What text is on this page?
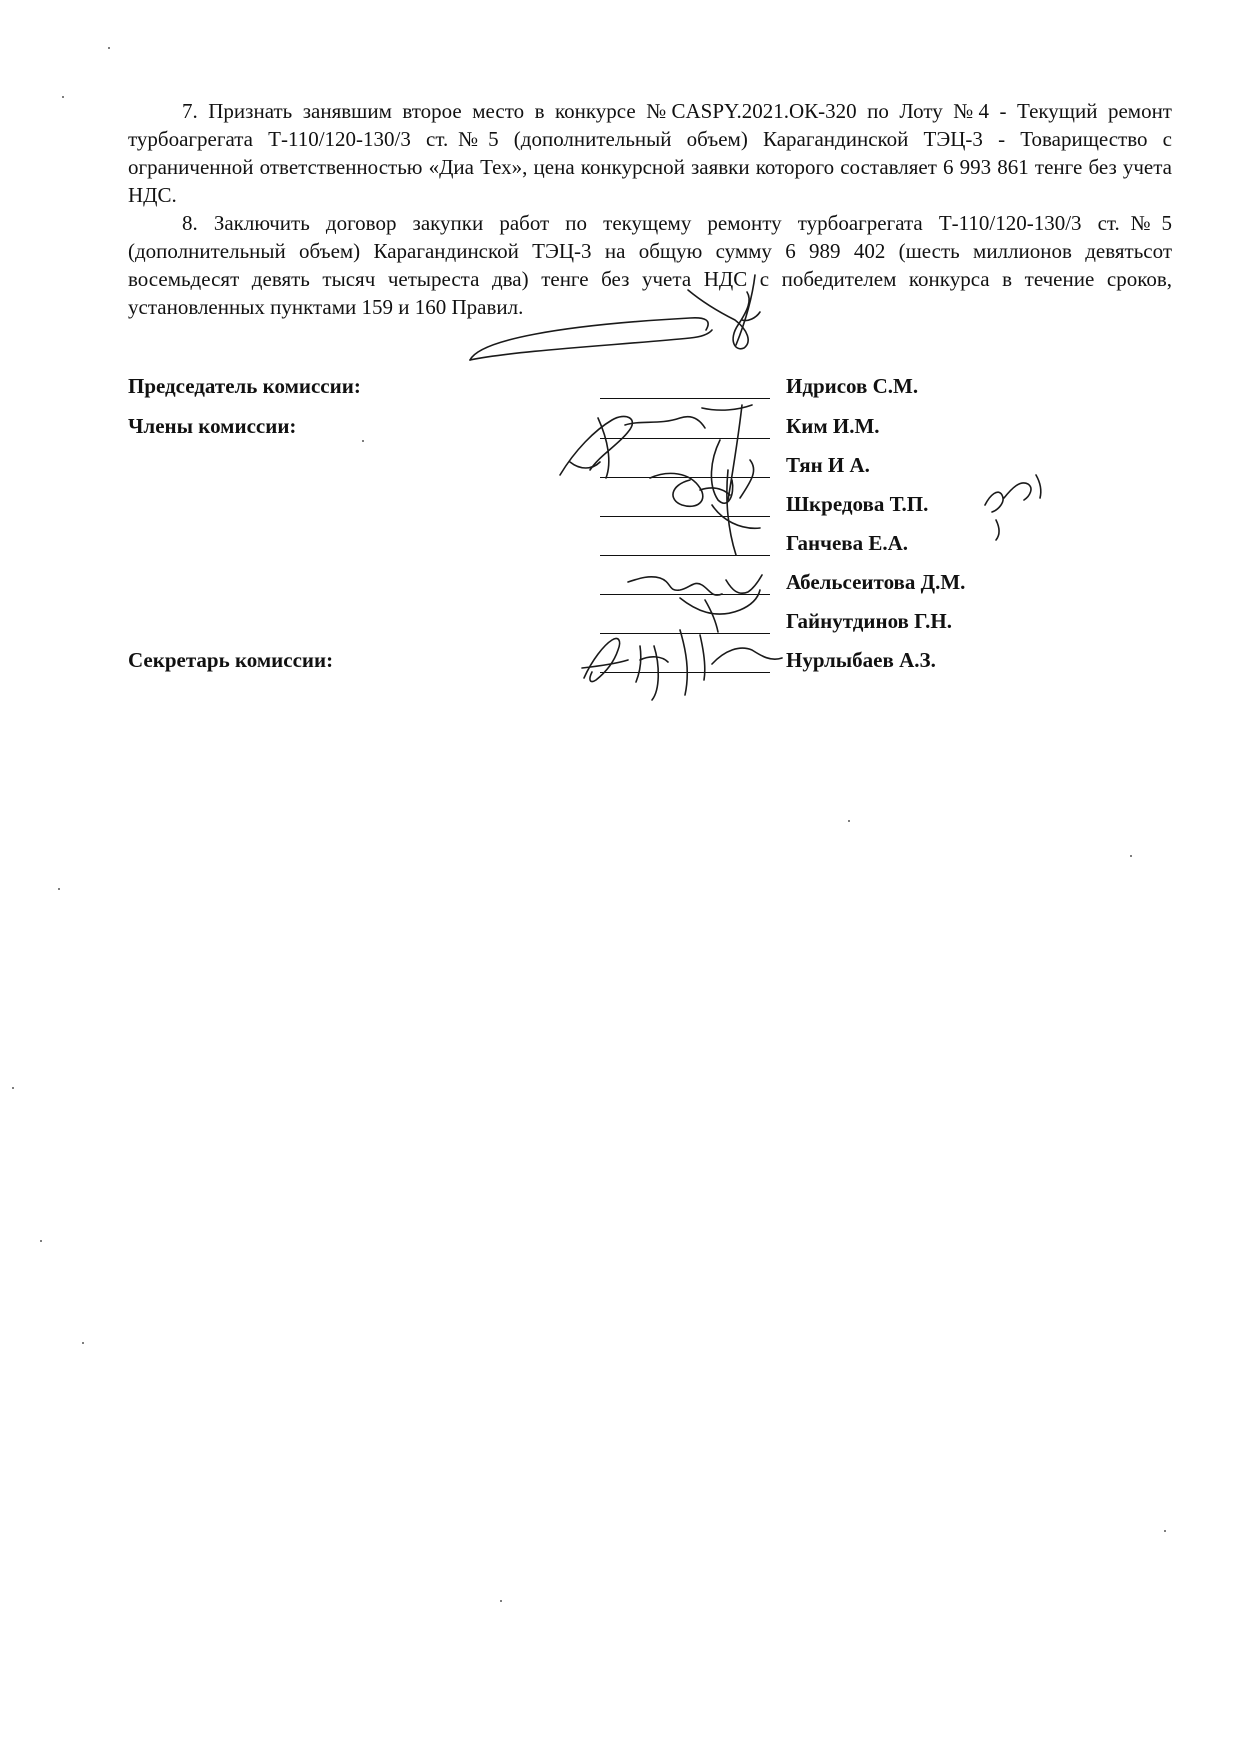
7. Признать занявшим второе место в конкурсе №CASPY.2021.ОК-320 по Лоту №4 - Текущий ремонт турбоагрегата Т-110/120-130/3 ст.№5 (дополнительный объем) Карагандинской ТЭЦ-3 - Товарищество с ограниченной ответственностью «Диа Тех», цена конкурсной заявки которого составляет 6 993 861 тенге без учета НДС.

8. Заключить договор закупки работ по текущему ремонту турбоагрегата Т-110/120-130/3 ст.№5 (дополнительный объем) Карагандинской ТЭЦ-3 на общую сумму 6 989 402 (шесть миллионов девятьсот восемьдесят девять тысяч четыреста два) тенге без учета НДС с победителем конкурса в течение сроков, установленных пунктами 159 и 160 Правил.

Председатель комиссии:	Идрисов С.М.
Члены комиссии:	Ким И.М.
Тян И А.
Шкредова Т.П.
Ганчева Е.А.
Абельсеитова Д.М.
Гайнутдинов Г.Н.
Секретарь комиссии:	Нурлыбаев А.З.
